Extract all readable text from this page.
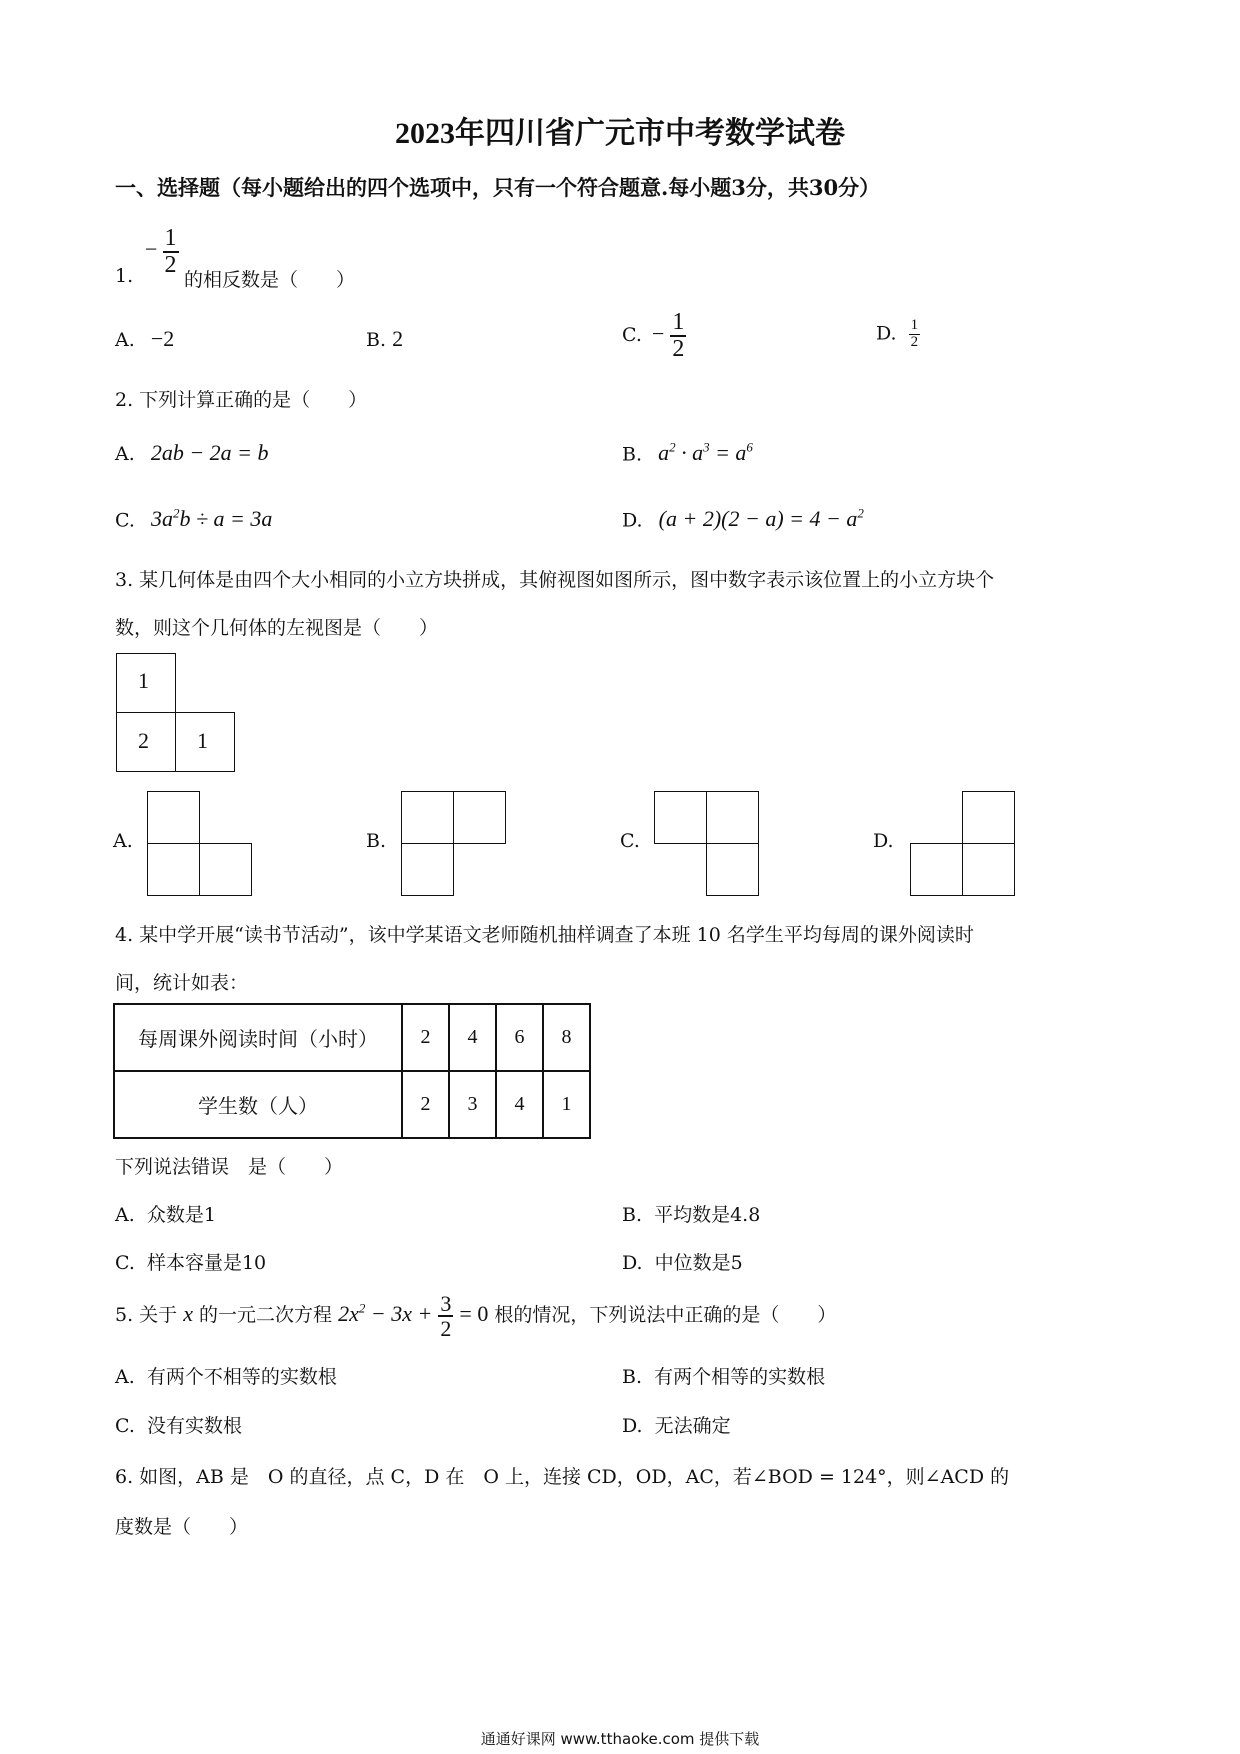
2023年四川省广元市中考数学试卷
一、选择题（每小题给出的四个选项中，只有一个符合题意.每小题3分，共30分）
1.
− $\frac{1}{2}$
的相反数是（　　）
A. −2	B. 2	C. − $\frac{1}{2}$	D. $\frac{1}{2}$
2. 下列计算正确的是（　　）
A. 2ab − 2a = b	B. $a^2 \cdot a^3 = a^6$
C. $3a^2b \div a = 3a$	D. $(a + 2)(2 - a) = 4 - a^2$
3. 某几何体是由四个大小相同的小立方块拼成，其俯视图如图所示，图中数字表示该位置上的小立方块个
数，则这个几何体的左视图是（　　）
1
2 1
A.	B.	C.	D.
4. 某中学开展“读书节活动”，该中学某语文老师随机抽样调查了本班 10 名学生平均每周的课外阅读时
间，统计如表：
每周课外阅读时间（小时）	2	4	6	8
学生数（人）	2	3	4	1
下列说法错误　是（　　）
A. 众数是1	B. 平均数是4.8
C. 样本容量是10	D. 中位数是5
5. 关于 x 的一元二次方程 $2x^2 - 3x + \frac{3}{2} = 0$ 根的情况，下列说法中正确的是（　　）
A. 有两个不相等的实数根	B. 有两个相等的实数根
C. 没有实数根	D. 无法确定
6. 如图，AB 是　O 的直径，点 C，D 在　O 上，连接 CD，OD，AC，若∠BOD = 124°，则∠ACD 的
度数是（　　）
通通好课网 www.tthaoke.com 提供下载
